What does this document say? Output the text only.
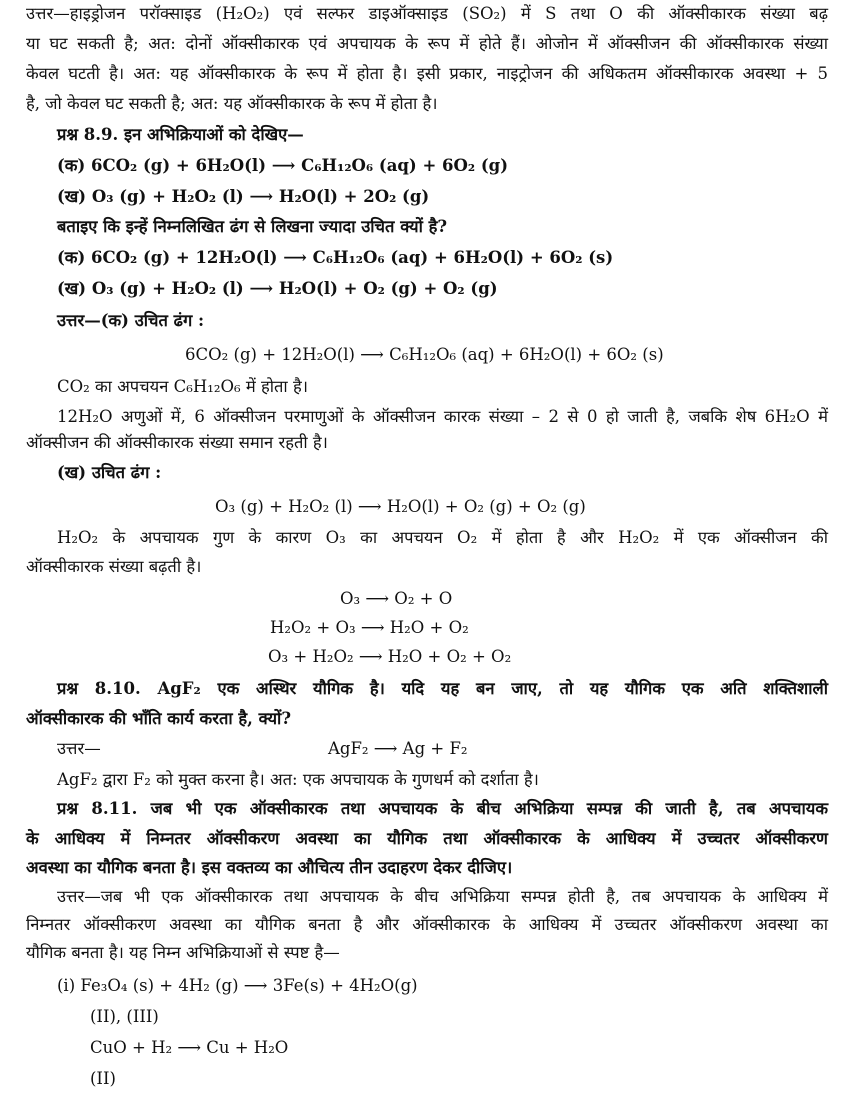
उत्तर—हाइड्रोजन परॉक्साइड (H₂O₂) एवं सल्फर डाइऑक्साइड (SO₂) में S तथा O की ऑक्सीकारक संख्या बढ़
या घट सकती है; अत: दोनों ऑक्सीकारक एवं अपचायक के रूप में होते हैं। ओजोन में ऑक्सीजन की ऑक्सीकारक संख्या
केवल घटती है। अत: यह ऑक्सीकारक के रूप में होता है। इसी प्रकार, नाइट्रोजन की अधिकतम ऑक्सीकारक अवस्था + 5
है, जो केवल घट सकती है; अत: यह ऑक्सीकारक के रूप में होता है।
प्रश्न 8.9. इन अभिक्रियाओं को देखिए—
(क) 6CO₂ (g) + 6H₂O(l) ⟶ C₆H₁₂O₆ (aq) + 6O₂ (g)
(ख) O₃ (g) + H₂O₂ (l) ⟶ H₂O(l) + 2O₂ (g)
बताइए कि इन्हें निम्नलिखित ढंग से लिखना ज्यादा उचित क्यों है?
(क) 6CO₂ (g) + 12H₂O(l) ⟶ C₆H₁₂O₆ (aq) + 6H₂O(l) + 6O₂ (s)
(ख) O₃ (g) + H₂O₂ (l) ⟶ H₂O(l) + O₂ (g) + O₂ (g)
उत्तर—(क) उचित ढंग :
6CO₂ (g) + 12H₂O(l) ⟶ C₆H₁₂O₆ (aq) + 6H₂O(l) + 6O₂ (s)
CO₂ का अपचयन C₆H₁₂O₆ में होता है।
12H₂O अणुओं में, 6 ऑक्सीजन परमाणुओं के ऑक्सीजन कारक संख्या – 2 से 0 हो जाती है, जबकि शेष 6H₂O में
ऑक्सीजन की ऑक्सीकारक संख्या समान रहती है।
(ख) उचित ढंग :
O₃ (g) + H₂O₂ (l) ⟶ H₂O(l) + O₂ (g) + O₂ (g)
H₂O₂ के अपचायक गुण के कारण O₃ का अपचयन O₂ में होता है और H₂O₂ में एक ऑक्सीजन की
ऑक्सीकारक संख्या बढ़ती है।
O₃ ⟶ O₂ + O
H₂O₂ + O₃ ⟶ H₂O + O₂
O₃ + H₂O₂ ⟶ H₂O + O₂ + O₂
प्रश्न 8.10. AgF₂ एक अस्थिर यौगिक है। यदि यह बन जाए, तो यह यौगिक एक अति शक्तिशाली
ऑक्सीकारक की भाँति कार्य करता है, क्यों?
उत्तर—	AgF₂ ⟶ Ag + F₂
AgF₂ द्वारा F₂ को मुक्त करना है। अत: एक अपचायक के गुणधर्म को दर्शाता है।
प्रश्न 8.11. जब भी एक ऑक्सीकारक तथा अपचायक के बीच अभिक्रिया सम्पन्न की जाती है, तब अपचायक
के आधिक्य में निम्नतर ऑक्सीकरण अवस्था का यौगिक तथा ऑक्सीकारक के आधिक्य में उच्चतर ऑक्सीकरण
अवस्था का यौगिक बनता है। इस वक्तव्य का औचित्य तीन उदाहरण देकर दीजिए।
उत्तर—जब भी एक ऑक्सीकारक तथा अपचायक के बीच अभिक्रिया सम्पन्न होती है, तब अपचायक के आधिक्य में
निम्नतर ऑक्सीकरण अवस्था का यौगिक बनता है और ऑक्सीकारक के आधिक्य में उच्चतर ऑक्सीकरण अवस्था का
यौगिक बनता है। यह निम्न अभिक्रियाओं से स्पष्ट है—
(i) Fe₃O₄ (s) + 4H₂ (g) ⟶ 3Fe(s) + 4H₂O(g)
(II), (III)
CuO + H₂ ⟶ Cu + H₂O
(II)
